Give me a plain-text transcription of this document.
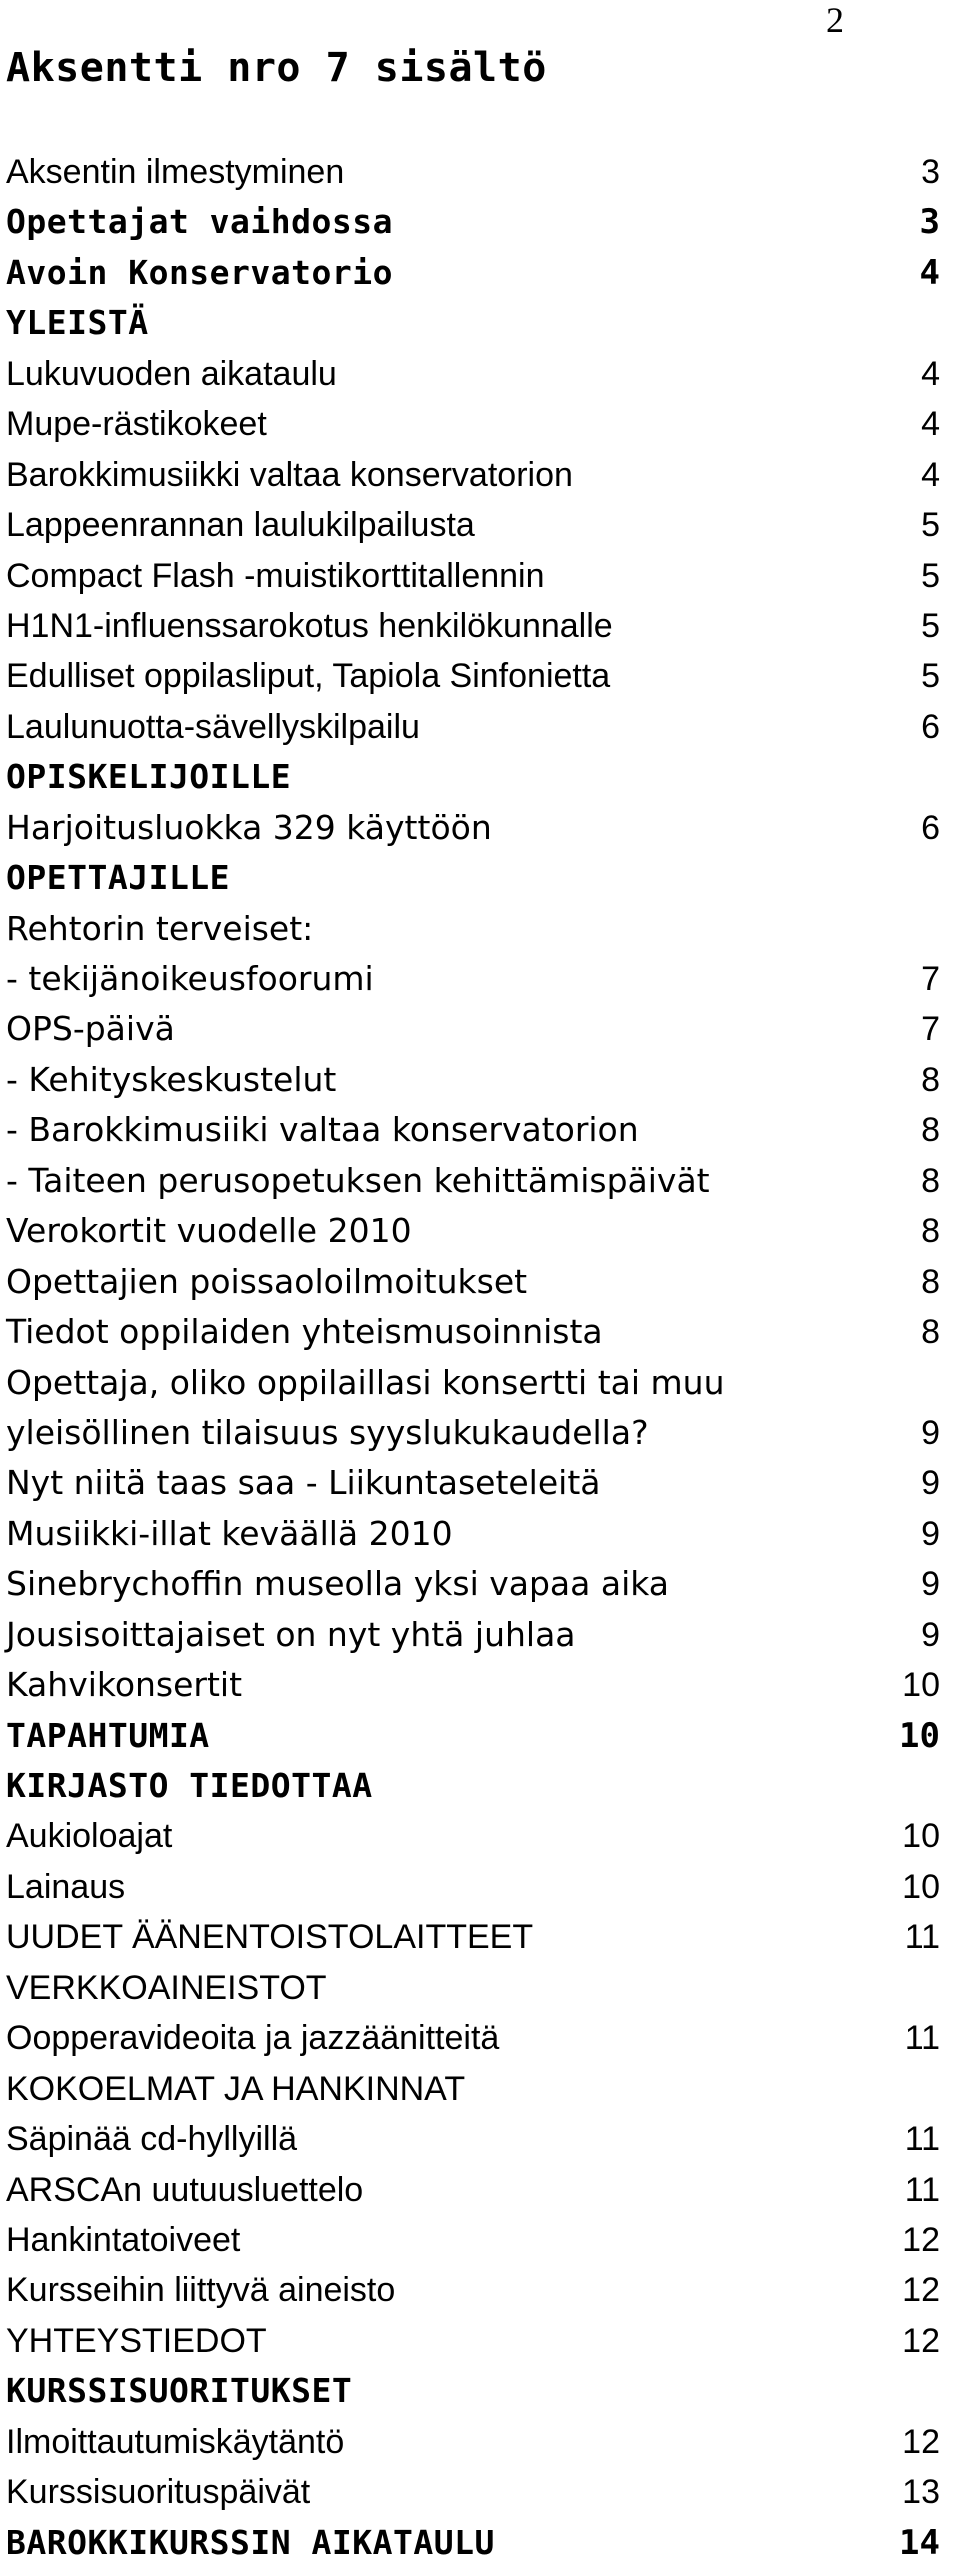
2
Aksentti nro 7 sisältö
Aksentin ilmestyminen	3
Opettajat vaihdossa	3
Avoin Konservatorio	4
YLEISTÄ
Lukuvuoden aikataulu	4
Mupe-rästikokeet	4
Barokkimusiikki valtaa konservatorion	4
Lappeenrannan laulukilpailusta	5
Compact Flash -muistikorttitallennin	5
H1N1-influenssarokotus henkilökunnalle	5
Edulliset oppilasliput, Tapiola Sinfonietta	5
Laulunuotta-sävellyskilpailu	6
OPISKELIJOILLE
Harjoitusluokka 329 käyttöön	6
OPETTAJILLE
Rehtorin terveiset:
- tekijänoikeusfoorumi	7
OPS-päivä	7
- Kehityskeskustelut	8
- Barokkimusiiki valtaa konservatorion	8
- Taiteen perusopetuksen kehittämispäivät	8
Verokortit vuodelle 2010	8
Opettajien poissaoloilmoitukset	8
Tiedot oppilaiden yhteismusoinnista	8
Opettaja, oliko oppilaillasi konsertti tai muu
yleisöllinen tilaisuus syyslukukaudella?	9
Nyt niitä taas saa - Liikuntaseteleitä	9
Musiikki-illat keväällä 2010	9
Sinebrychoffin museolla yksi vapaa aika	9
Jousisoittajaiset on nyt yhtä juhlaa	9
Kahvikonsertit	10
TAPAHTUMIA	10
KIRJASTO TIEDOTTAA
Aukioloajat	10
Lainaus	10
UUDET ÄÄNENTOISTOLAITTEET	11
VERKKOAINEISTOT
Oopperavideoita ja jazzäänitteitä	11
KOKOELMAT JA HANKINNAT
Säpinää cd-hyllyillä	11
ARSCAn uutuusluettelo	11
Hankintatoiveet	12
Kursseihin liittyvä aineisto	12
YHTEYSTIEDOT	12
KURSSISUORITUKSET
Ilmoittautumiskäytäntö	12
Kurssisuorituspäivät	13
BAROKKIKURSSIN AIKATAULU	14
